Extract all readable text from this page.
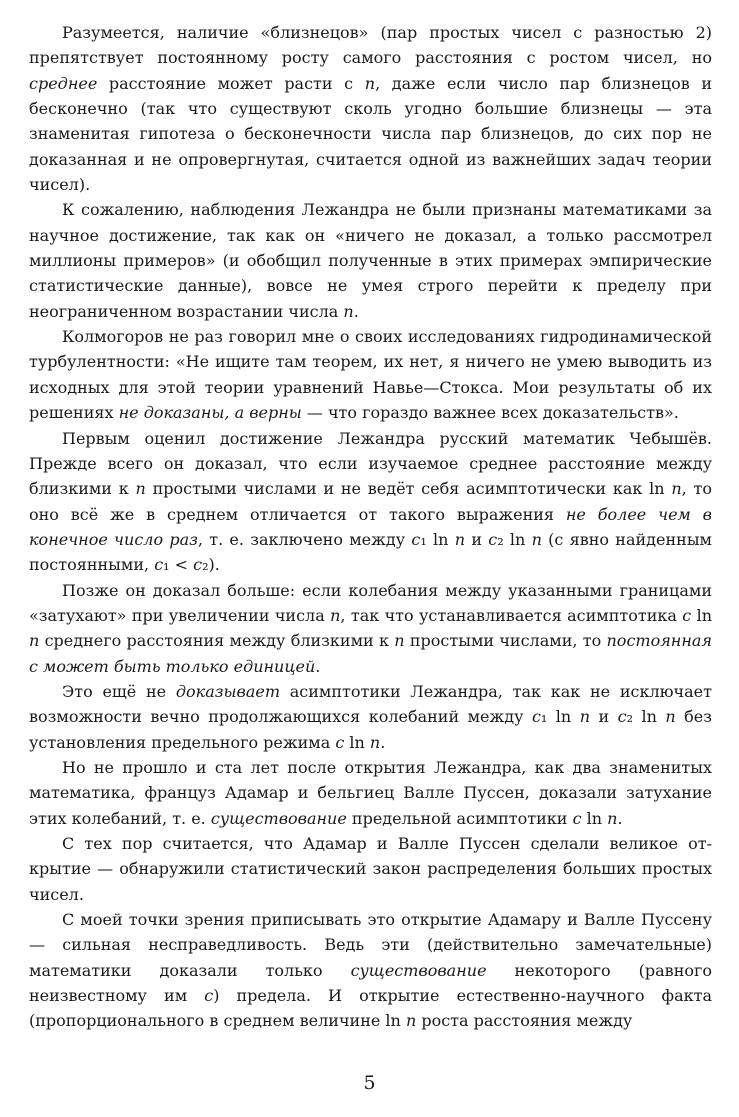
Разумеется, наличие «близнецов» (пар простых чисел с разностью 2) препятствует постоянному росту самого расстояния с ростом чисел, но среднее расстояние может расти с n, даже если число пар близнецов и бесконечно (так что существуют сколь угодно большие близнецы — эта знаменитая гипотеза о бесконечности числа пар близнецов, до сих пор не доказанная и не опровергнутая, считается одной из важнейших задач теории чисел).

К сожалению, наблюдения Лежандра не были признаны математиками за научное достижение, так как он «ничего не доказал, а только рассмотрел миллионы примеров» (и обобщил полученные в этих примерах эмпирические статистические данные), вовсе не умея строго перейти к пределу при неограниченном возрастании числа n.

Колмогоров не раз говорил мне о своих исследованиях гидродинамической турбулентности: «Не ищите там теорем, их нет, я ничего не умею выводить из исходных для этой теории уравнений Навье—Стокса. Мои результаты об их решениях не доказаны, а верны — что гораздо важнее всех доказательств».

Первым оценил достижение Лежандра русский математик Чебышёв. Прежде всего он доказал, что если изучаемое среднее расстояние между близкими к n простыми числами и не ведёт себя асимптотически как ln n, то оно всё же в среднем отличается от такого выражения не более чем в конечное число раз, т. е. заключено между c₁ ln n и c₂ ln n (с явно найденным постоянными, c₁ < c₂).

Позже он доказал больше: если колебания между указанными границами «затухают» при увеличении числа n, так что устанавливается асимптотика c ln n среднего расстояния между близкими к n простыми числами, то постоянная c может быть только единицей.

Это ещё не доказывает асимптотики Лежандра, так как не исключает возможности вечно продолжающихся колебаний между c₁ ln n и c₂ ln n без установления предельного режима c ln n.

Но не прошло и ста лет после открытия Лежандра, как два знаменитых математика, француз Адамар и бельгиец Валле Пуссен, доказали затухание этих колебаний, т. е. существование предельной асимптотики c ln n.

С тех пор считается, что Адамар и Валле Пуссен сделали великое открытие — обнаружили статистический закон распределения больших простых чисел.

С моей точки зрения приписывать это открытие Адамару и Валле Пуссену — сильная несправедливость. Ведь эти (действительно замечательные) математики доказали только существование некоторого (равного неизвестному им c) предела. И открытие естественно-научного факта (пропорционального в среднем величине ln n роста расстояния между

5
